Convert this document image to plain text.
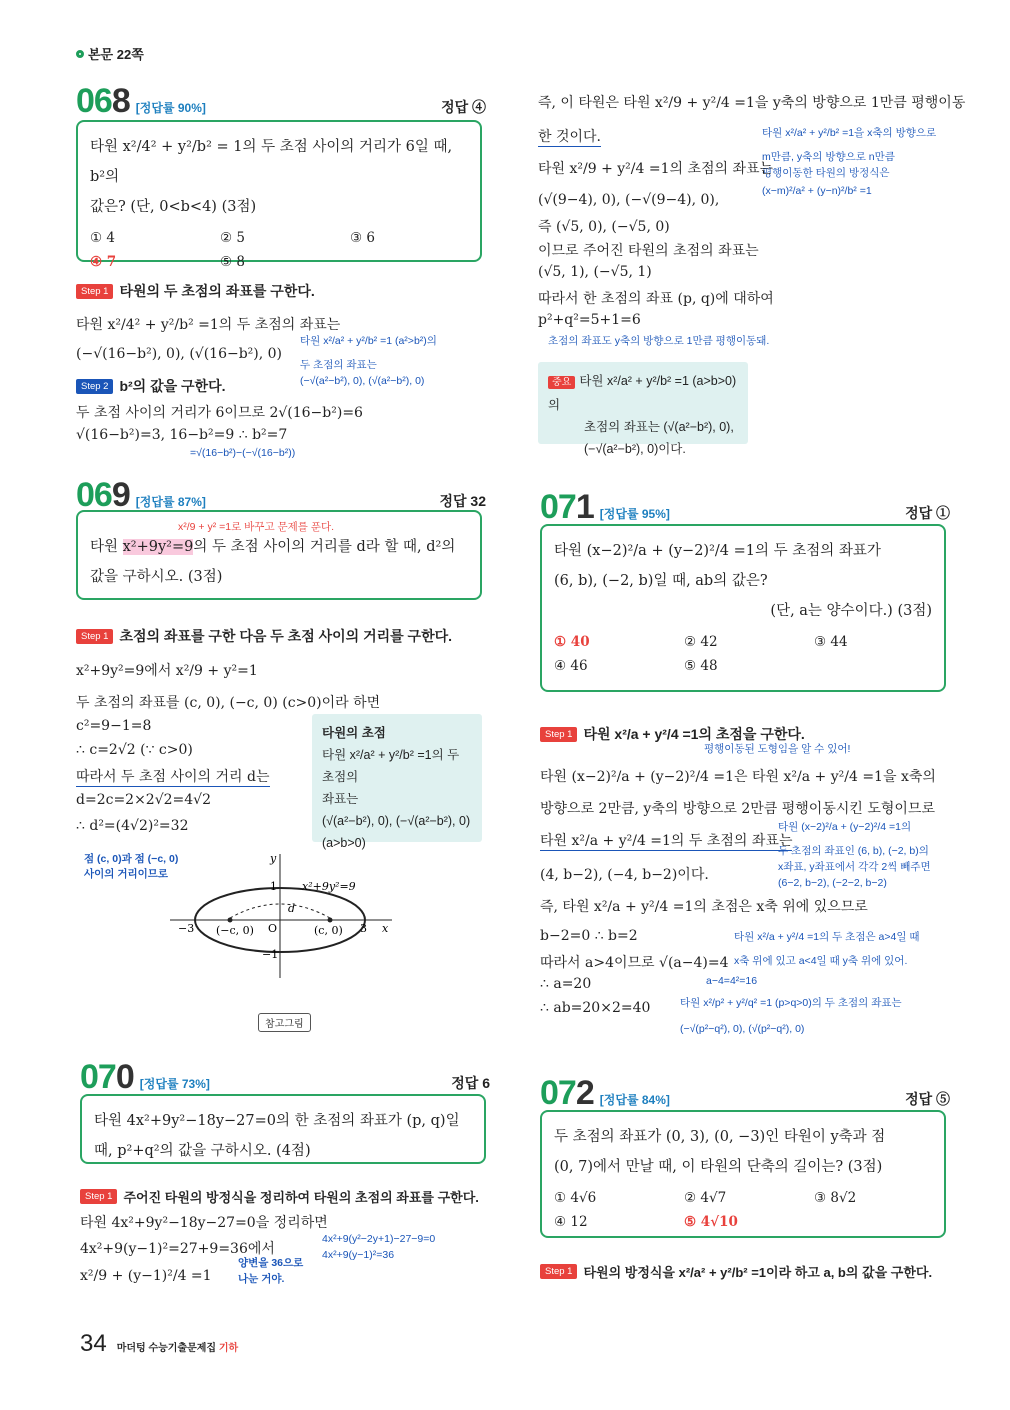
본문 22쪽
068 [정답률 90%]	정답 ④
타원 x²/4² + y²/b² = 1의 두 초점 사이의 거리가 6일 때, b²의
값은? (단, 0<b<4) (3점)
① 4	② 5	③ 6
④ 7	⑤ 8
Step 1 타원의 두 초점의 좌표를 구한다.
타원 x²/4² + y²/b² =1의 두 초점의 좌표는
(−√(16−b²), 0), (√(16−b²), 0)
타원 x²/a² + y²/b² =1 (a²>b²)의
두 초점의 좌표는
(−√(a²−b²), 0), (√(a²−b²), 0)
Step 2 b²의 값을 구한다.
두 초점 사이의 거리가 6이므로 2√(16−b²)=6
√(16−b²)=3, 16−b²=9 ∴ b²=7
=√(16−b²)−(−√(16−b²))
069 [정답률 87%]	정답 32
x²/9 + y² =1로 바꾸고 문제를 푼다.
타원 x²+9y²=9의 두 초점 사이의 거리를 d라 할 때, d²의
값을 구하시오. (3점)
Step 1 초점의 좌표를 구한 다음 두 초점 사이의 거리를 구한다.
x²+9y²=9에서 x²/9 + y²=1
두 초점의 좌표를 (c, 0), (−c, 0) (c>0)이라 하면
c²=9−1=8
∴ c=2√2 (∵ c>0)
따라서 두 초점 사이의 거리 d는
d=2c=2×2√2=4√2
∴ d²=(4√2)²=32
점 (c, 0)과 점 (−c, 0)
사이의 거리이므로
타원의 초점
타원 x²/a² + y²/b² =1의 두 초점의
좌표는
(√(a²−b²), 0), (−√(a²−b²), 0)
(a>b>0)
x²+9y²=9
d
(−c, 0)	(c, 0)
O	3
−3
1
−1
x
y
참고그림
070 [정답률 73%]	정답 6
타원 4x²+9y²−18y−27=0의 한 초점의 좌표가 (p, q)일
때, p²+q²의 값을 구하시오. (4점)
Step 1 주어진 타원의 방정식을 정리하여 타원의 초점의 좌표를 구한다.
타원 4x²+9y²−18y−27=0을 정리하면
4x²+9(y−1)²=27+9=36에서
x²/9 + (y−1)²/4 =1
4x²+9(y²−2y+1)−27−9=0
4x²+9(y−1)²=36
양변을 36으로
나눈 거야.
즉, 이 타원은 타원 x²/9 + y²/4 =1을 y축의 방향으로 1만큼 평행이동
한 것이다.	타원 x²/a² + y²/b² =1을 x축의 방향으로
m만큼, y축의 방향으로 n만큼
평행이동한 타원의 방정식은
(x−m)²/a² + (y−n)²/b² =1
타원 x²/9 + y²/4 =1의 초점의 좌표는
(√(9−4), 0), (−√(9−4), 0),
즉 (√5, 0), (−√5, 0)
이므로 주어진 타원의 초점의 좌표는
(√5, 1), (−√5, 1)
따라서 한 초점의 좌표 (p, q)에 대하여
p²+q²=5+1=6
초점의 좌표도 y축의 방향으로 1만큼 평행이동돼.
중요 타원 x²/a² + y²/b² =1 (a>b>0)의
초점의 좌표는 (√(a²−b²), 0),
(−√(a²−b²), 0)이다.
071 [정답률 95%]	정답 ①
타원 (x−2)²/a + (y−2)²/4 =1의 두 초점의 좌표가
(6, b), (−2, b)일 때, ab의 값은?
(단, a는 양수이다.) (3점)
① 40	② 42	③ 44
④ 46	⑤ 48
Step 1 타원 x²/a + y²/4 =1의 초점을 구한다.
평행이동된 도형임을 알 수 있어!
타원 (x−2)²/a + (y−2)²/4 =1은 타원 x²/a + y²/4 =1을 x축의
방향으로 2만큼, y축의 방향으로 2만큼 평행이동시킨 도형이므로
타원 x²/a + y²/4 =1의 두 초점의 좌표는
(4, b−2), (−4, b−2)이다.
타원 (x−2)²/a + (y−2)²/4 =1의
두 초점의 좌표인 (6, b), (−2, b)의
x좌표, y좌표에서 각각 2씩 빼주면
(6−2, b−2), (−2−2, b−2)
즉, 타원 x²/a + y²/4 =1의 초점은 x축 위에 있으므로
b−2=0 ∴ b=2	타원 x²/a + y²/4 =1의 두 초점은 a>4일 때
x축 위에 있고 a<4일 때 y축 위에 있어.
따라서 a>4이므로 √(a−4)=4
a−4=4²=16
∴ a=20
∴ ab=20×2=40	타원 x²/p² + y²/q² =1 (p>q>0)의 두 초점의 좌표는
(−√(p²−q²), 0), (√(p²−q²), 0)
072 [정답률 84%]	정답 ⑤
두 초점의 좌표가 (0, 3), (0, −3)인 타원이 y축과 점
(0, 7)에서 만날 때, 이 타원의 단축의 길이는? (3점)
① 4√6	② 4√7	③ 8√2
④ 12	⑤ 4√10
Step 1 타원의 방정식을 x²/a² + y²/b² =1이라 하고 a, b의 값을 구한다.
34 마더텅 수능기출문제집 기하
